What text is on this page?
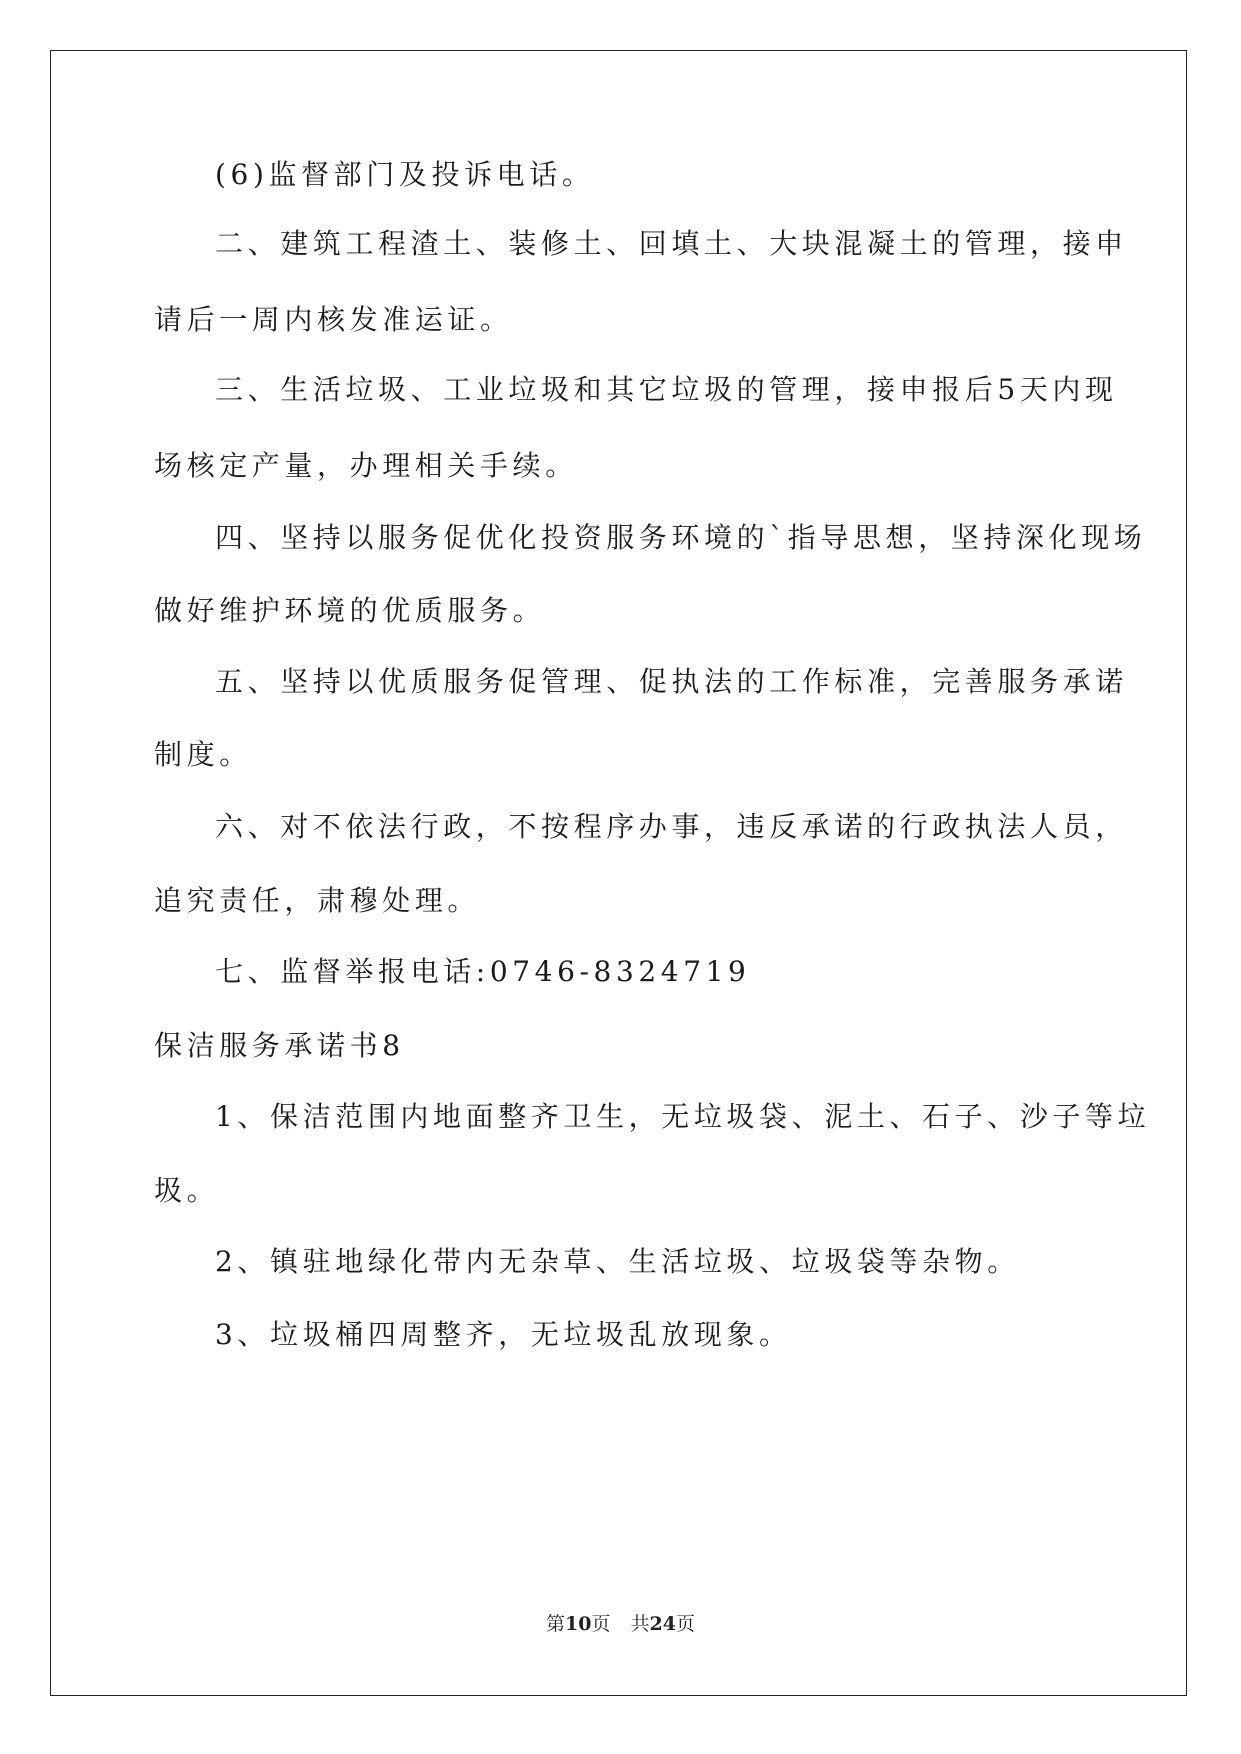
(6)监督部门及投诉电话。
二、建筑工程渣土、装修土、回填土、大块混凝土的管理，接申
请后一周内核发准运证。
三、生活垃圾、工业垃圾和其它垃圾的管理，接申报后5天内现
场核定产量，办理相关手续。
四、坚持以服务促优化投资服务环境的`指导思想，坚持深化现场
做好维护环境的优质服务。
五、坚持以优质服务促管理、促执法的工作标准，完善服务承诺
制度。
六、对不依法行政，不按程序办事，违反承诺的行政执法人员，
追究责任，肃穆处理。
七、监督举报电话:0746-8324719
保洁服务承诺书8
1、保洁范围内地面整齐卫生，无垃圾袋、泥土、石子、沙子等垃
圾。
2、镇驻地绿化带内无杂草、生活垃圾、垃圾袋等杂物。
3、垃圾桶四周整齐，无垃圾乱放现象。
第10页 共24页
